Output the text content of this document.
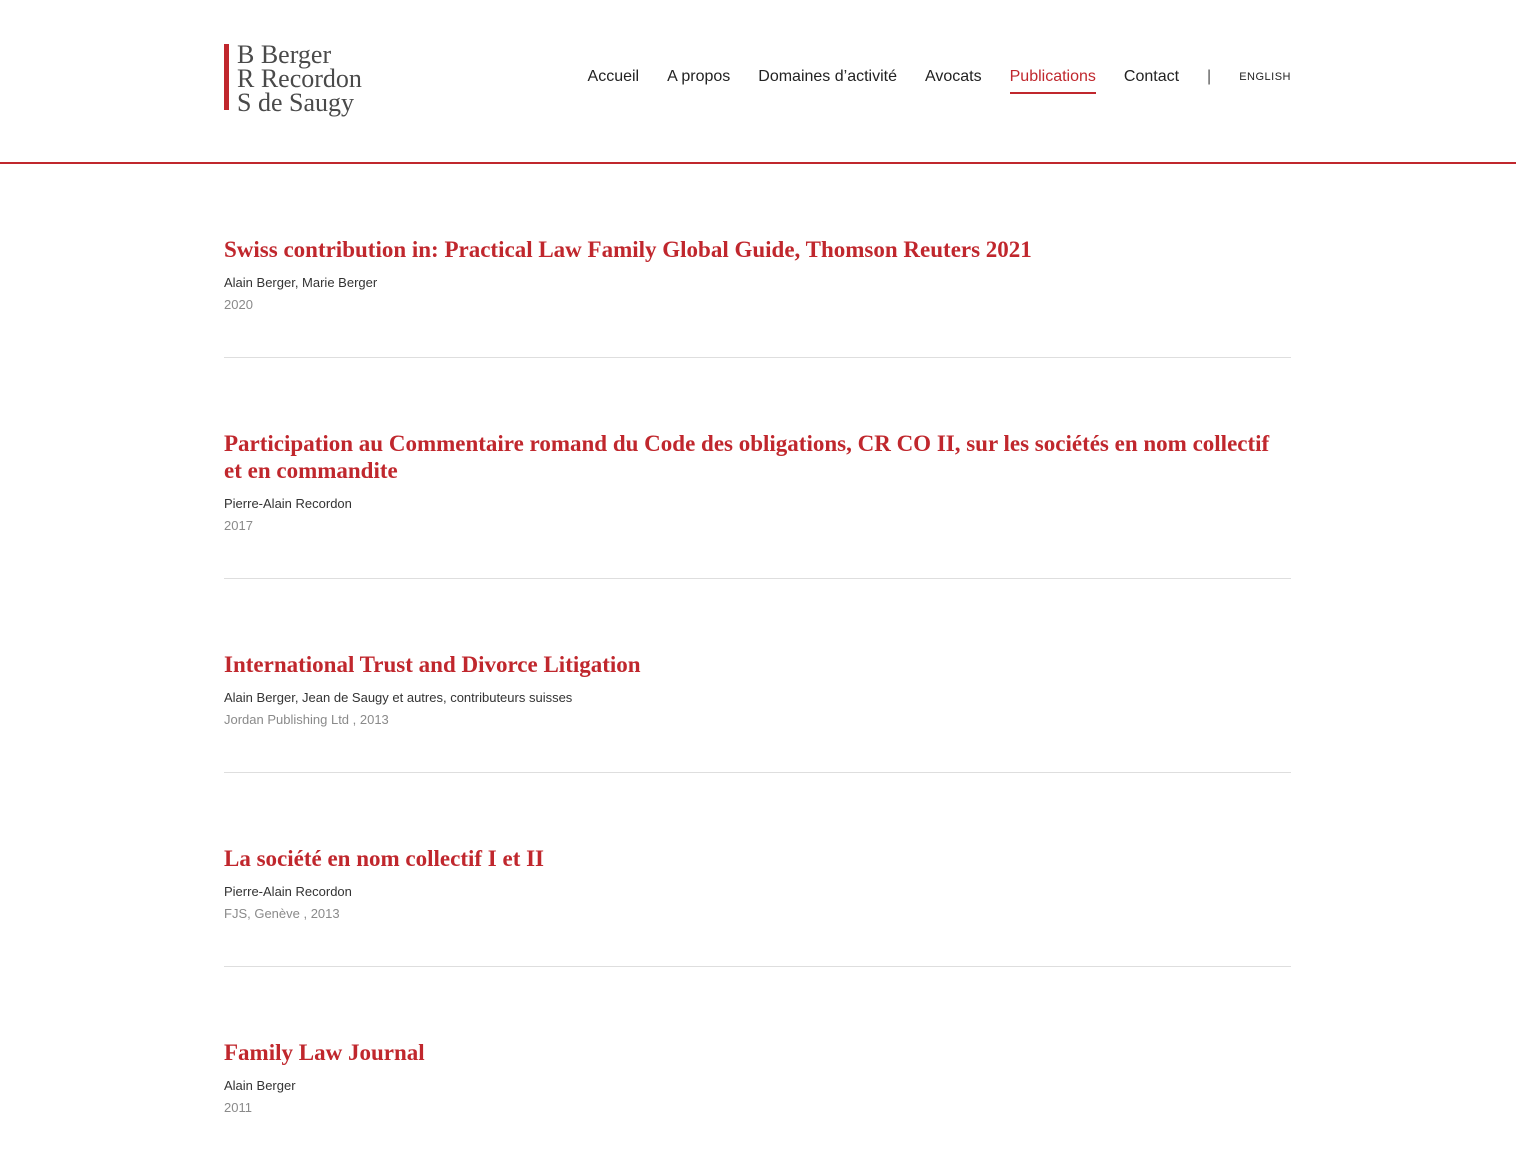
B Berger
R Recordon
S de Saugy
Accueil A propos Domaines d’activité Avocats Publications Contact |	ENGLISH
Swiss contribution in: Practical Law Family Global Guide, Thomson Reuters 2021
Alain Berger, Marie Berger
2020
Participation au Commentaire romand du Code des obligations, CR CO II, sur les sociétés en nom collectif et en commandite
Pierre-Alain Recordon
2017
International Trust and Divorce Litigation
Alain Berger, Jean de Saugy et autres, contributeurs suisses
Jordan Publishing Ltd , 2013
La société en nom collectif I et II
Pierre-Alain Recordon
FJS, Genève , 2013
Family Law Journal
Alain Berger
2011
